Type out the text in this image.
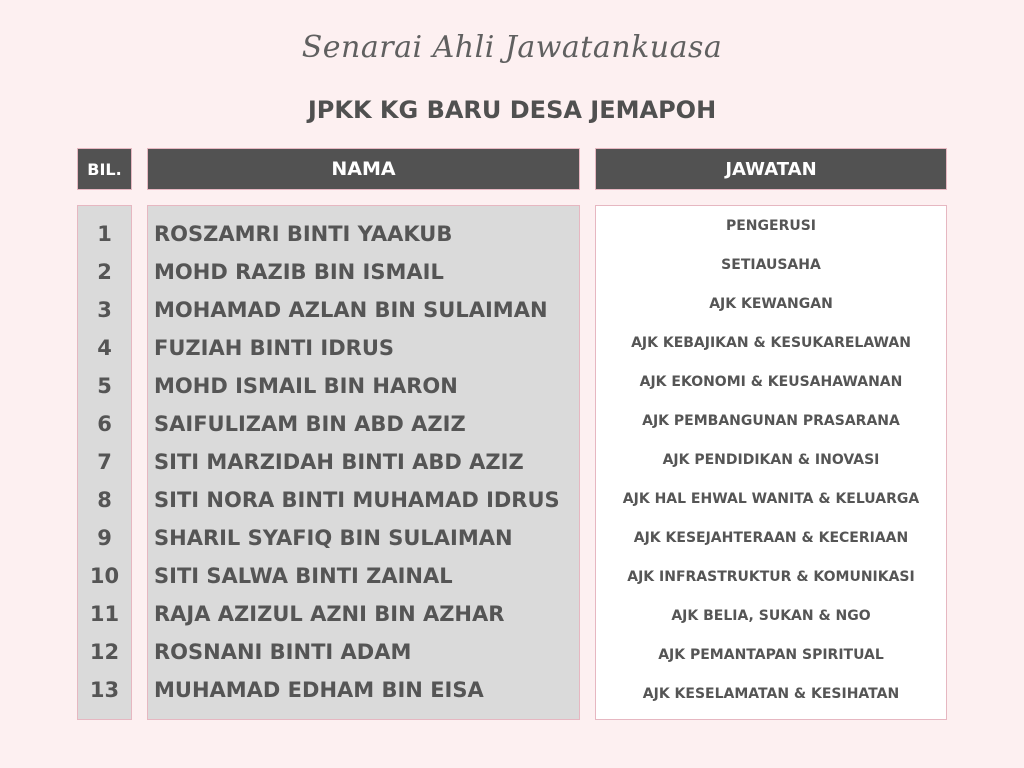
Senarai Ahli Jawatankuasa
JPKK KG BARU DESA JEMAPOH
BIL.	NAMA	JAWATAN
1
2
3
4
5
6
7
8
9
10
11
12
13
ROSZAMRI BINTI YAAKUB
MOHD RAZIB BIN ISMAIL
MOHAMAD AZLAN BIN SULAIMAN
FUZIAH BINTI IDRUS
MOHD ISMAIL BIN HARON
SAIFULIZAM BIN ABD AZIZ
SITI MARZIDAH BINTI ABD AZIZ
SITI NORA BINTI MUHAMAD IDRUS
SHARIL SYAFIQ BIN SULAIMAN
SITI SALWA BINTI ZAINAL
RAJA AZIZUL AZNI BIN AZHAR
ROSNANI BINTI ADAM
MUHAMAD EDHAM BIN EISA
PENGERUSI
SETIAUSAHA
AJK KEWANGAN
AJK KEBAJIKAN & KESUKARELAWAN
AJK EKONOMI & KEUSAHAWANAN
AJK PEMBANGUNAN PRASARANA
AJK PENDIDIKAN & INOVASI
AJK HAL EHWAL WANITA & KELUARGA
AJK KESEJAHTERAAN & KECERIAAN
AJK INFRASTRUKTUR & KOMUNIKASI
AJK BELIA, SUKAN & NGO
AJK PEMANTAPAN SPIRITUAL
AJK KESELAMATAN & KESIHATAN
